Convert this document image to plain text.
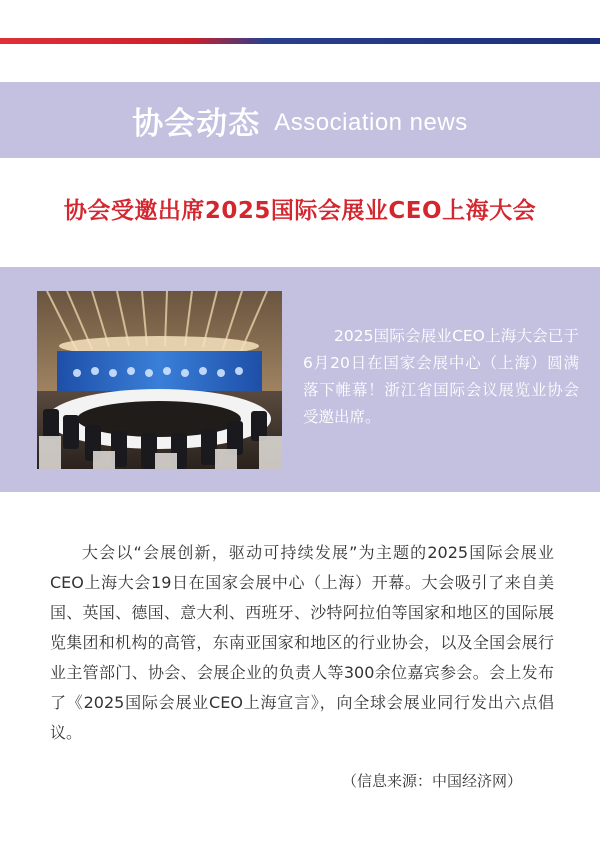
协会动态 Association news
协会受邀出席2025国际会展业CEO上海大会
2025国际会展业CEO上海大会已于6月20日在国家会展中心（上海）圆满落下帷幕！浙江省国际会议展览业协会受邀出席。
大会以“会展创新，驱动可持续发展”为主题的2025国际会展业CEO上海大会19日在国家会展中心（上海）开幕。大会吸引了来自美国、英国、德国、意大利、西班牙、沙特阿拉伯等国家和地区的国际展览集团和机构的高管，东南亚国家和地区的行业协会，以及全国会展行业主管部门、协会、会展企业的负责人等300余位嘉宾参会。会上发布了《2025国际会展业CEO上海宣言》，向全球会展业同行发出六点倡议。
（信息来源：中国经济网）
